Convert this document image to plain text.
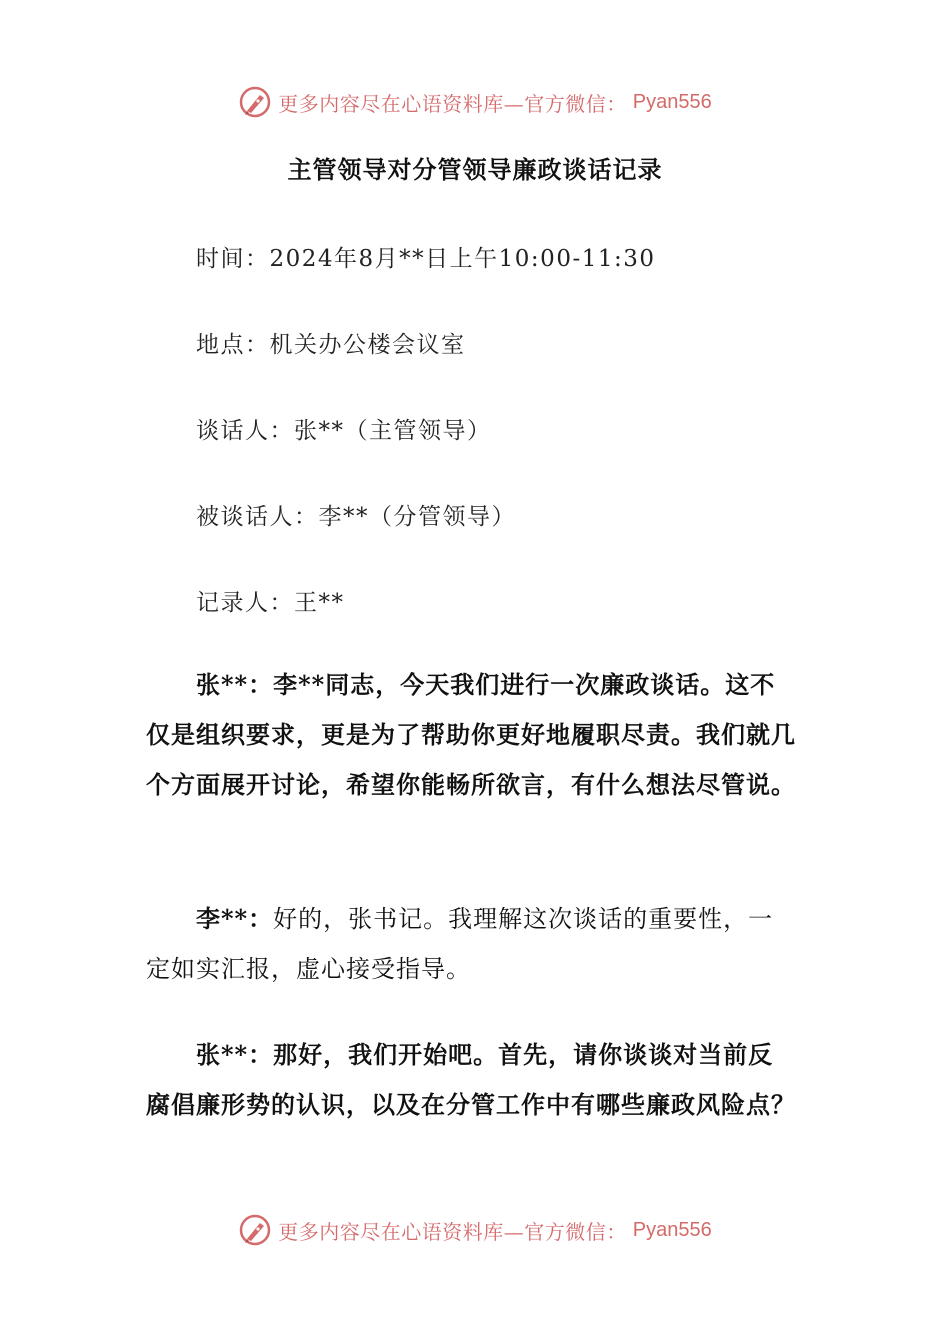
更多内容尽在心语资料库—官方微信： Pyan556
主管领导对分管领导廉政谈话记录
时间：2024年8月**日上午10:00-11:30
地点：机关办公楼会议室
谈话人：张**（主管领导）
被谈话人：李**（分管领导）
记录人：王**
张**：李**同志，今天我们进行一次廉政谈话。这不仅是组织要求，更是为了帮助你更好地履职尽责。我们就几个方面展开讨论，希望你能畅所欲言，有什么想法尽管说。
李**：好的，张书记。我理解这次谈话的重要性，一定如实汇报，虚心接受指导。
张**：那好，我们开始吧。首先，请你谈谈对当前反腐倡廉形势的认识，以及在分管工作中有哪些廉政风险点？
更多内容尽在心语资料库—官方微信： Pyan556
